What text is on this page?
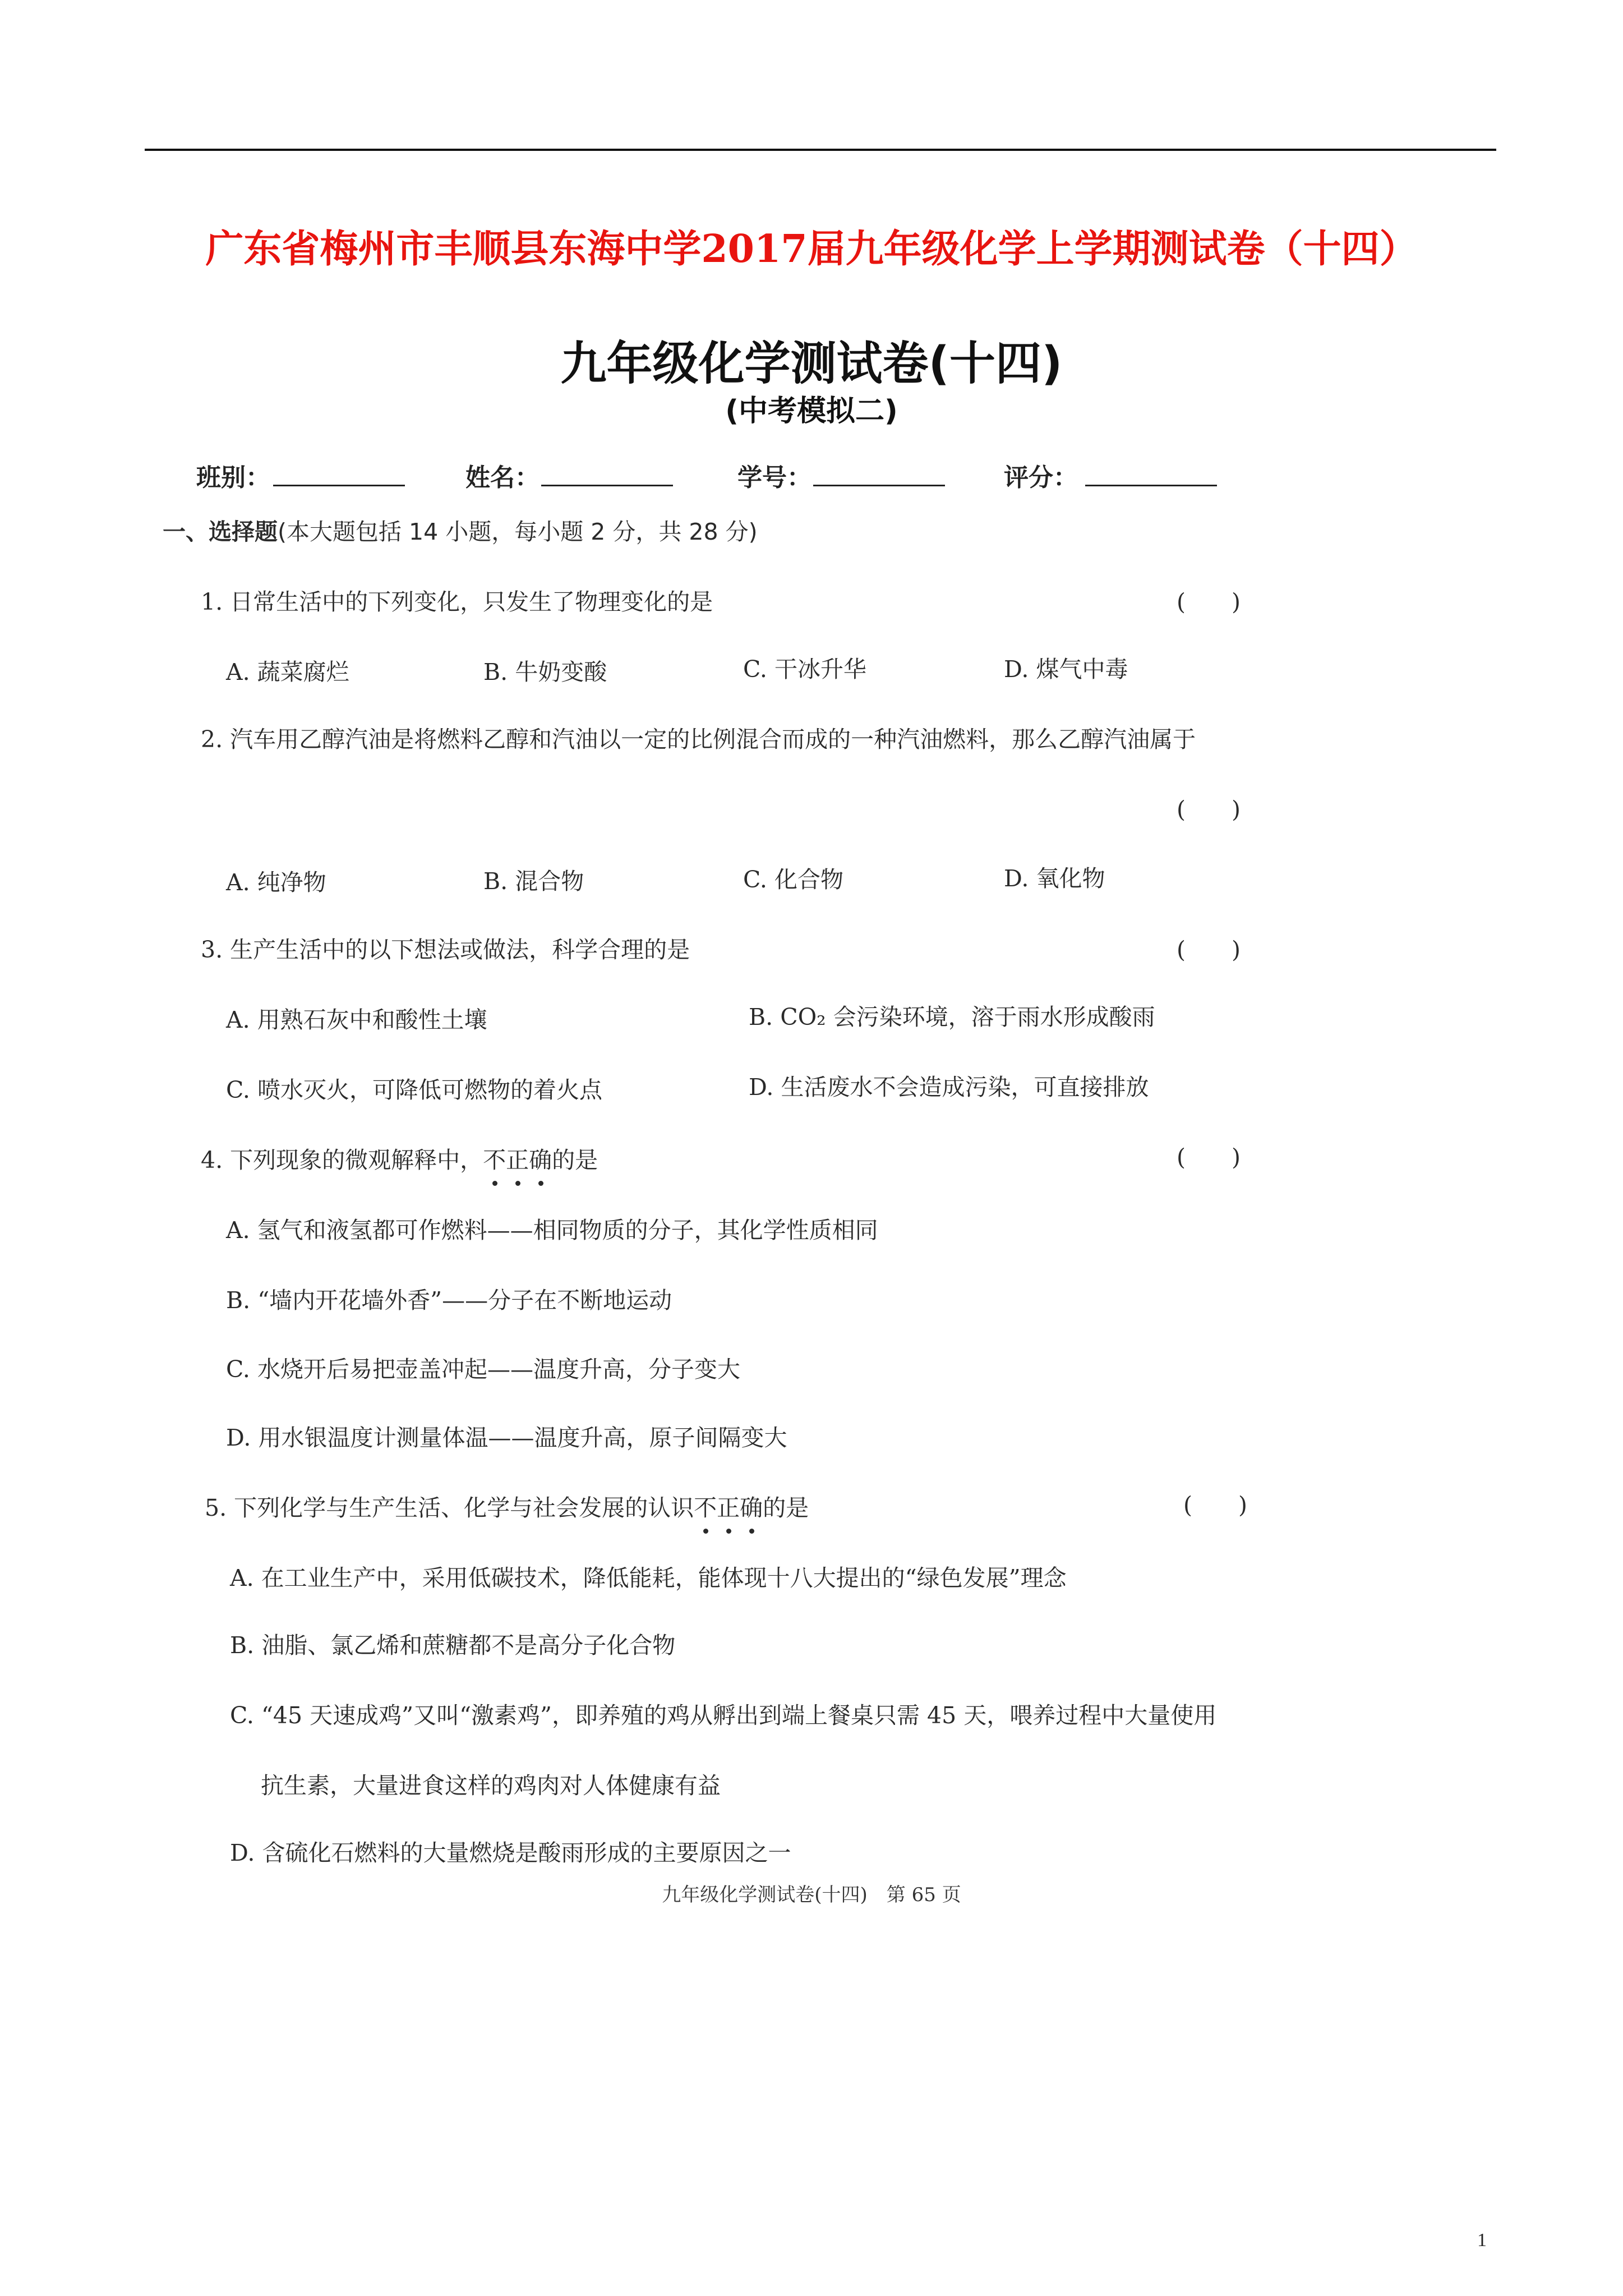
广东省梅州市丰顺县东海中学2017届九年级化学上学期测试卷（十四）
九年级化学测试卷(十四)
(中考模拟二)
班别：	姓名：	学号：	评分：
一、选择题(本大题包括 14 小题，每小题 2 分，共 28 分)
1. 日常生活中的下列变化，只发生了物理变化的是	(　　)
A. 蔬菜腐烂	B. 牛奶变酸	C. 干冰升华	D. 煤气中毒
2. 汽车用乙醇汽油是将燃料乙醇和汽油以一定的比例混合而成的一种汽油燃料，那么乙醇汽油属于
(　　)
A. 纯净物	B. 混合物	C. 化合物	D. 氧化物
3. 生产生活中的以下想法或做法，科学合理的是	(　　)
A. 用熟石灰中和酸性土壤	B. CO₂ 会污染环境，溶于雨水形成酸雨
C. 喷水灭火，可降低可燃物的着火点	D. 生活废水不会造成污染，可直接排放
4. 下列现象的微观解释中，不正确的是	(　　)
A. 氢气和液氢都可作燃料——相同物质的分子，其化学性质相同
B. “墙内开花墙外香”——分子在不断地运动
C. 水烧开后易把壶盖冲起——温度升高，分子变大
D. 用水银温度计测量体温——温度升高，原子间隔变大
5. 下列化学与生产生活、化学与社会发展的认识不正确的是	(　　)
A. 在工业生产中，采用低碳技术，降低能耗，能体现十八大提出的“绿色发展”理念
B. 油脂、氯乙烯和蔗糖都不是高分子化合物
C. “45 天速成鸡”又叫“激素鸡”，即养殖的鸡从孵出到端上餐桌只需 45 天，喂养过程中大量使用
抗生素，大量进食这样的鸡肉对人体健康有益
D. 含硫化石燃料的大量燃烧是酸雨形成的主要原因之一
九年级化学测试卷(十四)　第 65 页
1
